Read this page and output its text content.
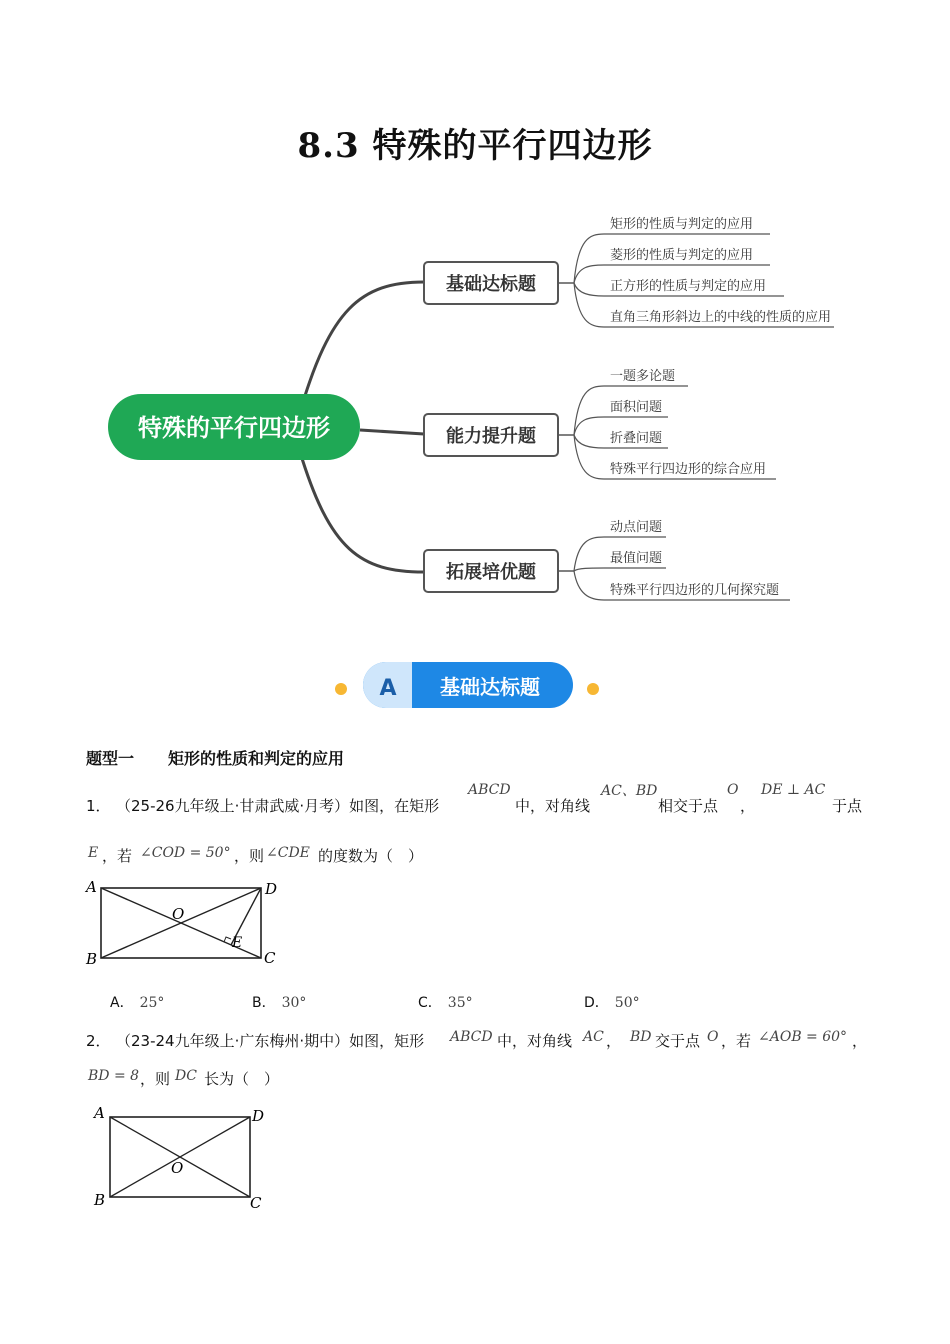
8.3 特殊的平行四边形
特殊的平行四边形
基础达标题
矩形的性质与判定的应用
菱形的性质与判定的应用
正方形的性质与判定的应用
直角三角形斜边上的中线的性质的应用
能力提升题
一题多论题
面积问题
折叠问题
特殊平行四边形的综合应用
拓展培优题
动点问题
最值问题
特殊平行四边形的几何探究题
A 基础达标题
题型一 矩形的性质和判定的应用
1． （25-26九年级上·甘肃武威·月考）如图，在矩形
ABCD
中，对角线
AC、BD
相交于点
O
，
DE ⊥ AC
于点
E ，若 ∠COD = 50° ，则 ∠CDE 的度数为（　）
A	D
B	C
O
E
A． 25°	B． 30°	C． 35°	D． 50°
2． （23-24九年级上·广东梅州·期中）如图，矩形 ABCD 中，对角线 AC ， BD 交于点 O ，若 ∠AOB = 60° ，
BD = 8 ，则 DC 长为（　）
A	D
B	C
O
